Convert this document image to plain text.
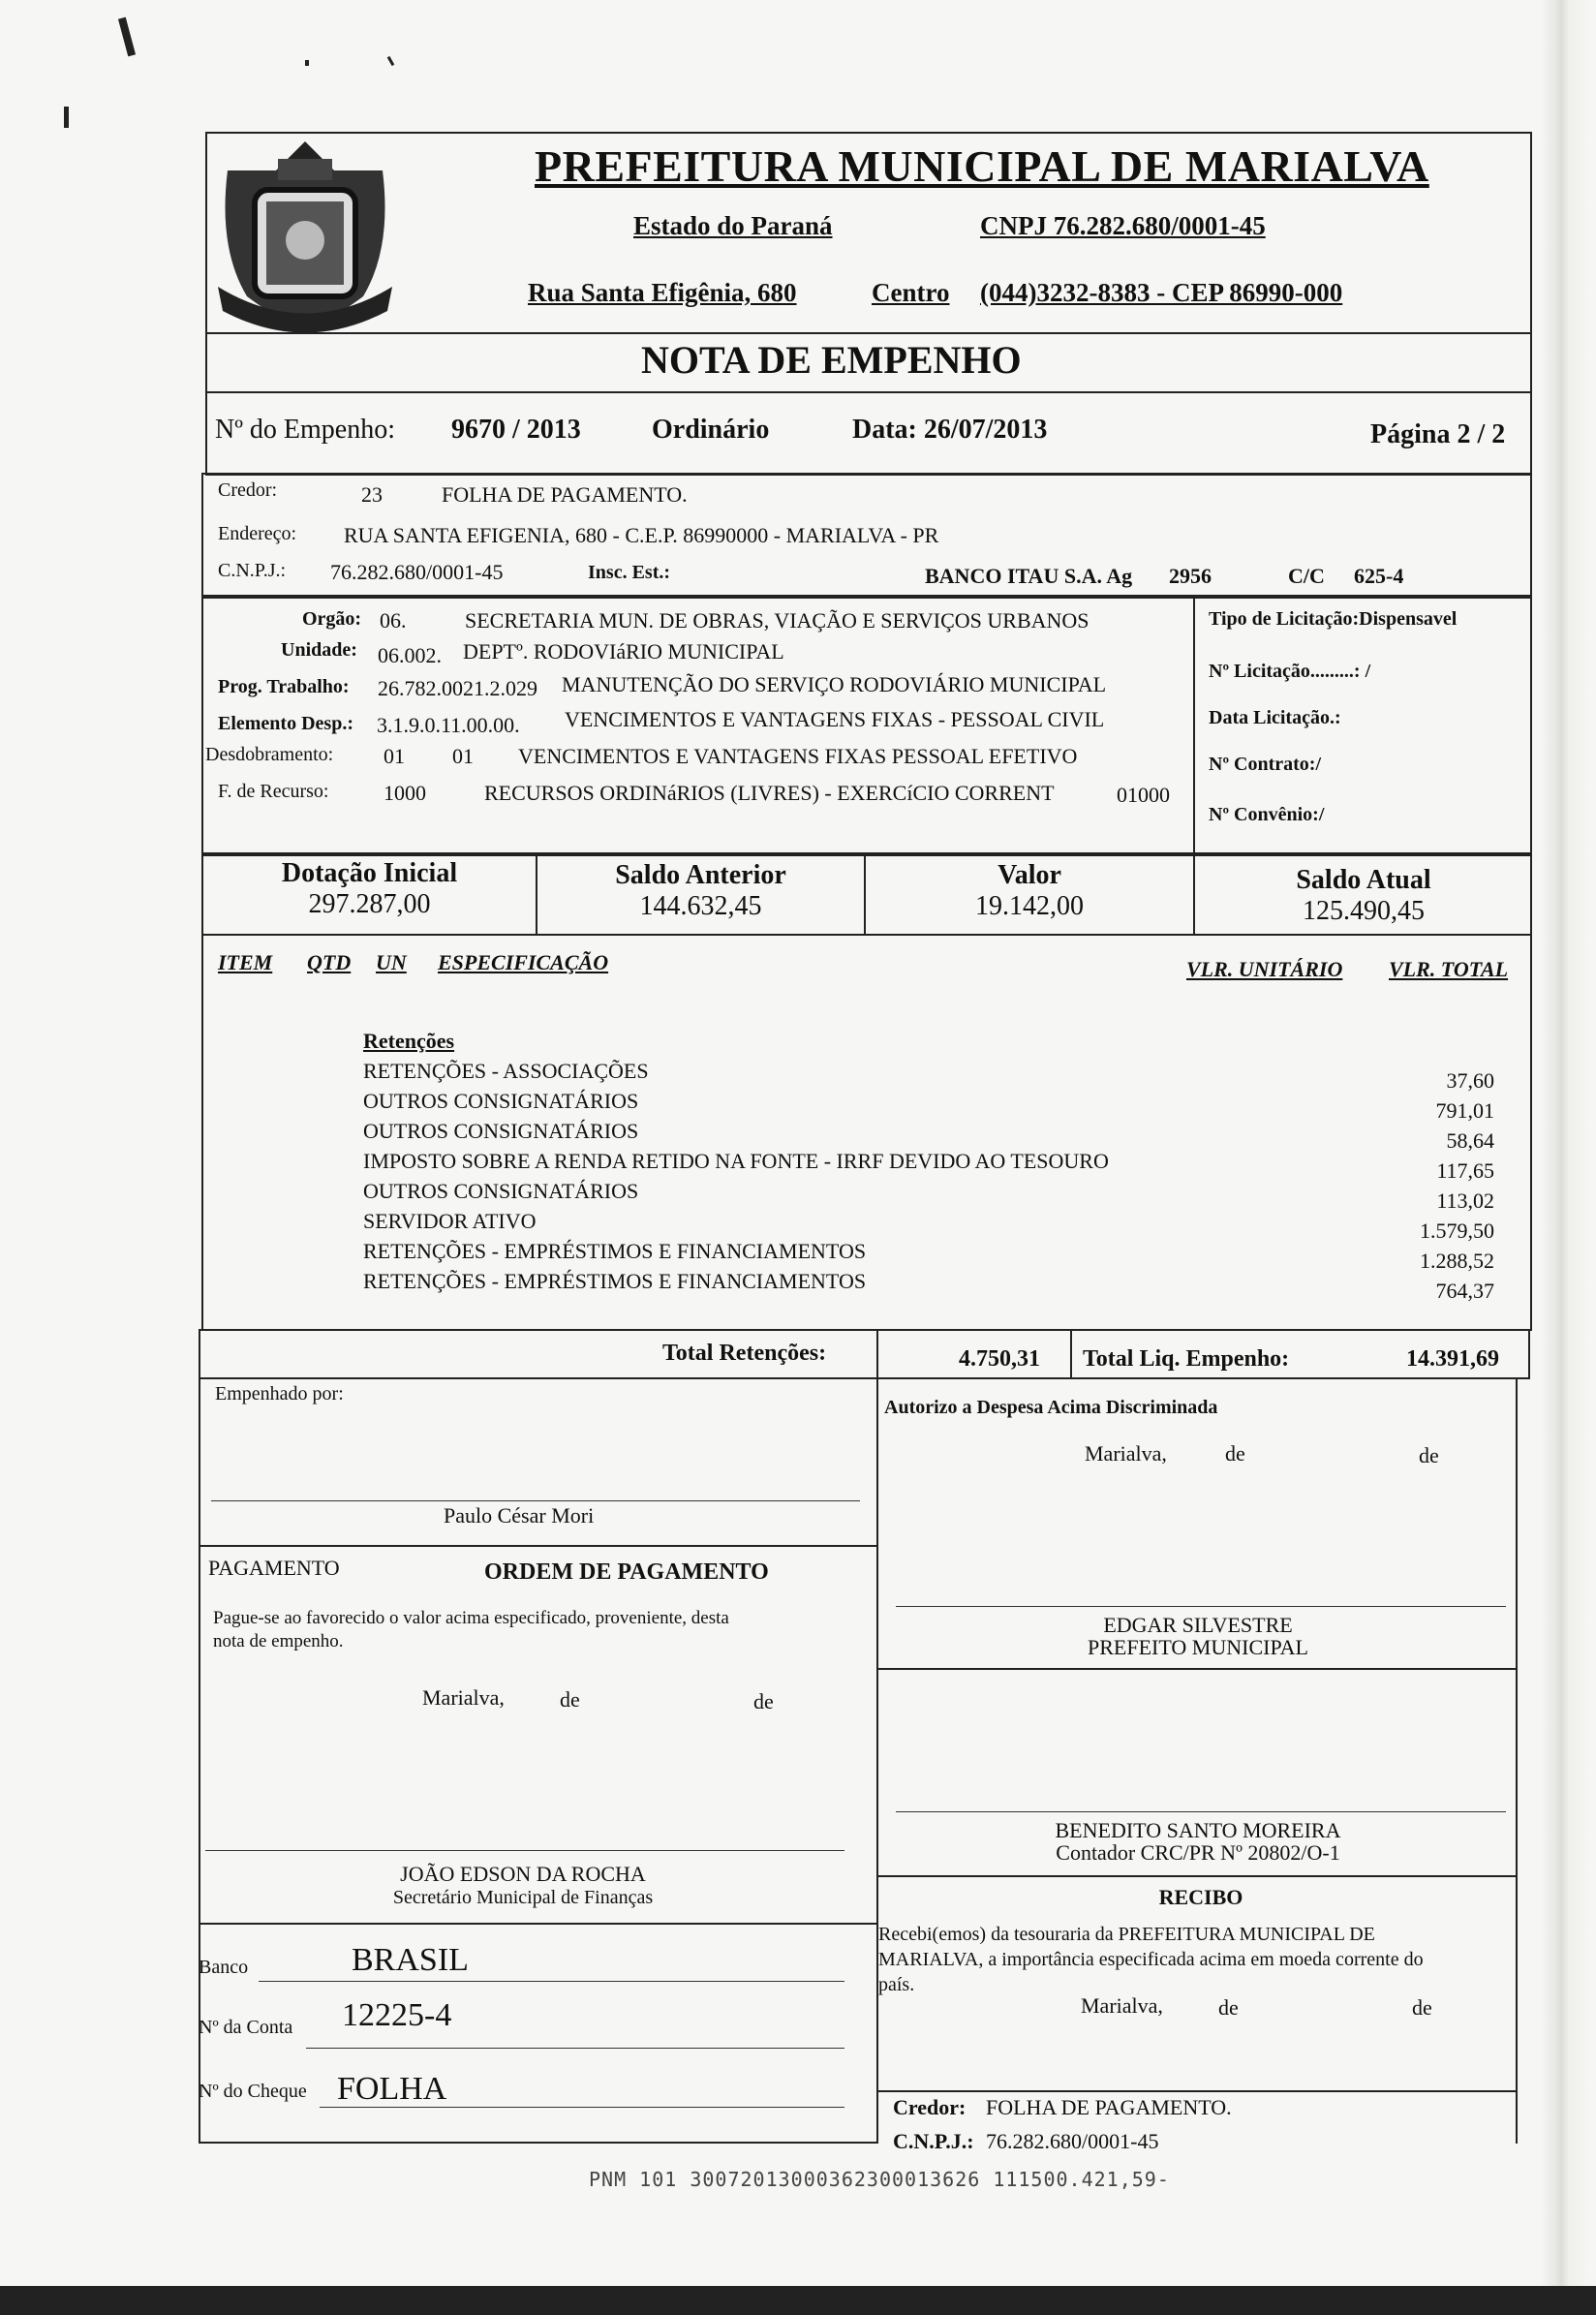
PREFEITURA MUNICIPAL DE MARIALVA
Estado do Paraná	CNPJ 76.282.680/0001-45
Rua Santa Efigênia, 680	Centro (044)3232-8383 - CEP 86990-000
NOTA DE EMPENHO
Nº do Empenho: 9670 / 2013	Ordinário	Data: 26/07/2013	Página 2 / 2
Credor:	23	FOLHA DE PAGAMENTO.
Endereço: RUA SANTA EFIGENIA, 680 - C.E.P. 86990000 - MARIALVA - PR
C.N.P.J.: 76.282.680/0001-45	Insc. Est.:	BANCO ITAU S.A. Ag 2956	C/C 625-4
Orgão: 06.	SECRETARIA MUN. DE OBRAS, VIAÇÃO E SERVIÇOS URBANOS
Unidade: 06.002. DEPTº. RODOVIáRIO MUNICIPAL
Prog. Trabalho: 26.782.0021.2.029 MANUTENÇÃO DO SERVIÇO RODOVIÁRIO MUNICIPAL
Elemento Desp.: 3.1.9.0.11.00.00. VENCIMENTOS E VANTAGENS FIXAS - PESSOAL CIVIL
Desdobramento: 01 01 VENCIMENTOS E VANTAGENS FIXAS PESSOAL EFETIVO
F. de Recurso:	1000	RECURSOS ORDINáRIOS (LIVRES) - EXERCíCIO CORRENT	01000
Tipo de Licitação:Dispensavel
Nº Licitação.........: /
Data Licitação.:
Nº Contrato:/
Nº Convênio:/
Dotação Inicial
297.287,00
Saldo Anterior
144.632,45
Valor
19.142,00
Saldo Atual
125.490,45
ITEM QTD UN ESPECIFICAÇÃO	VLR. UNITÁRIO VLR. TOTAL
Retenções
RETENÇÕES - ASSOCIAÇÕES	37,60
OUTROS CONSIGNATÁRIOS	791,01
OUTROS CONSIGNATÁRIOS	58,64
IMPOSTO SOBRE A RENDA RETIDO NA FONTE - IRRF DEVIDO AO TESOURO	117,65
OUTROS CONSIGNATÁRIOS	113,02
SERVIDOR ATIVO	1.579,50
RETENÇÕES - EMPRÉSTIMOS E FINANCIAMENTOS	1.288,52
RETENÇÕES - EMPRÉSTIMOS E FINANCIAMENTOS	764,37
Total Retenções:	4.750,31 Total Liq. Empenho:	14.391,69
Empenhado por:
Paulo César Mori
Autorizo a Despesa Acima Discriminada
Marialva,	de	de
PAGAMENTO	ORDEM DE PAGAMENTO
Pague-se ao favorecido o valor acima especificado, proveniente, desta
nota de empenho.
Marialva,	de	de
EDGAR SILVESTRE
PREFEITO MUNICIPAL
BENEDITO SANTO MOREIRA
Contador CRC/PR Nº 20802/O-1
JOÃO EDSON DA ROCHA
Secretário Municipal de Finanças	RECIBO
Recebi(emos) da tesouraria da PREFEITURA MUNICIPAL DE
MARIALVA, a importância especificada acima em moeda corrente do
país.
Marialva,	de	de
Banco	BRASIL
Nº da Conta 12225-4
Nº do Cheque FOLHA
Credor: FOLHA DE PAGAMENTO.
C.N.P.J.: 76.282.680/0001-45
PNM 101 30072013000362300013626 111500.421,59-
